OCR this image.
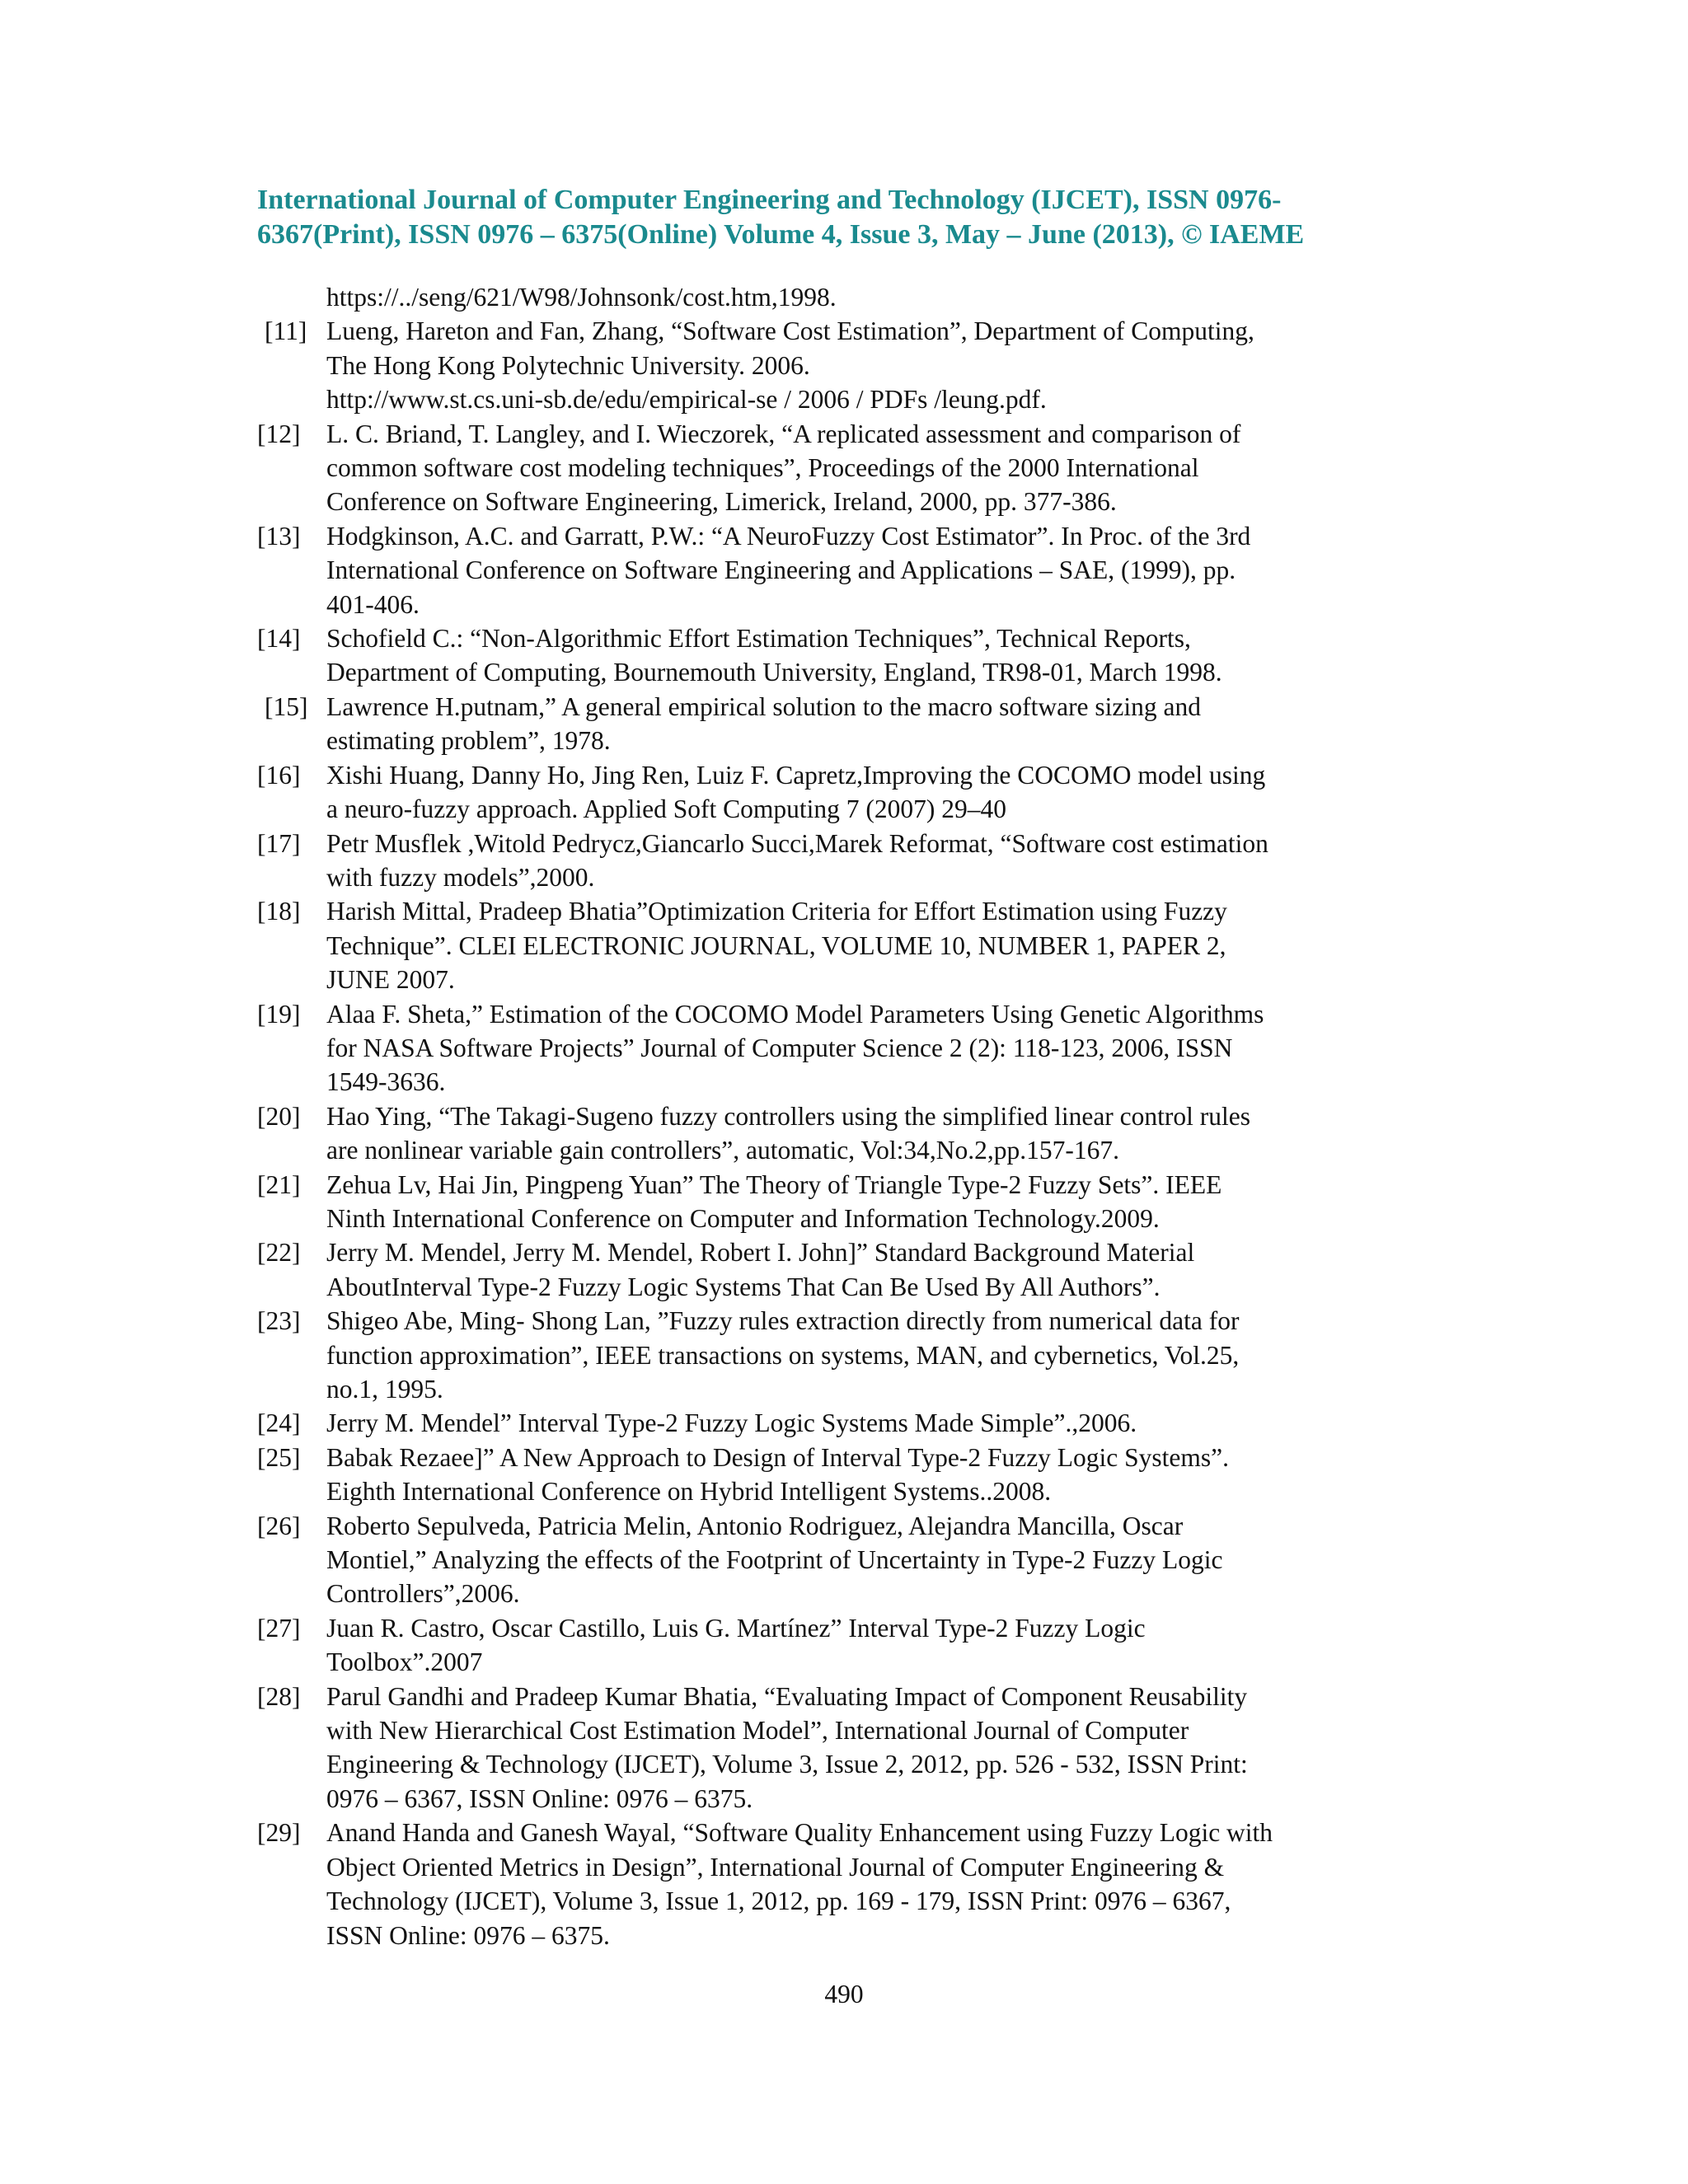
International Journal of Computer Engineering and Technology (IJCET), ISSN 0976-
6367(Print), ISSN 0976 – 6375(Online) Volume 4, Issue 3, May – June (2013), © IAEME
https://../seng/621/W98/Johnsonk/cost.htm,1998.
[11] Lueng, Hareton and Fan, Zhang, “Software Cost Estimation”, Department of Computing,
The Hong Kong Polytechnic University. 2006.
http://www.st.cs.uni-sb.de/edu/empirical-se / 2006 / PDFs /leung.pdf.
[12]	L. C. Briand, T. Langley, and I. Wieczorek, “A replicated assessment and comparison of
common software cost modeling techniques”, Proceedings of the 2000 International
Conference on Software Engineering, Limerick, Ireland, 2000, pp. 377-386.
[13]	Hodgkinson, A.C. and Garratt, P.W.: “A NeuroFuzzy Cost Estimator”. In Proc. of the 3rd
International Conference on Software Engineering and Applications – SAE, (1999), pp.
401-406.
[14]	Schofield C.: “Non-Algorithmic Effort Estimation Techniques”, Technical Reports,
Department of Computing, Bournemouth University, England, TR98-01, March 1998.
[15] Lawrence H.putnam,” A general empirical solution to the macro software sizing and
estimating problem”, 1978.
[16]	Xishi Huang, Danny Ho, Jing Ren, Luiz F. Capretz,Improving the COCOMO model using
a neuro-fuzzy approach. Applied Soft Computing 7 (2007) 29–40
[17]	Petr Musflek ,Witold Pedrycz,Giancarlo Succi,Marek Reformat, “Software cost estimation
with fuzzy models”,2000.
[18]	Harish Mittal, Pradeep Bhatia”Optimization Criteria for Effort Estimation using Fuzzy
Technique”. CLEI ELECTRONIC JOURNAL, VOLUME 10, NUMBER 1, PAPER 2,
JUNE 2007.
[19]	Alaa F. Sheta,” Estimation of the COCOMO Model Parameters Using Genetic Algorithms
for NASA Software Projects” Journal of Computer Science 2 (2): 118-123, 2006, ISSN
1549-3636.
[20]	Hao Ying, “The Takagi-Sugeno fuzzy controllers using the simplified linear control rules
are nonlinear variable gain controllers”, automatic, Vol:34,No.2,pp.157-167.
[21]	Zehua Lv, Hai Jin, Pingpeng Yuan” The Theory of Triangle Type-2 Fuzzy Sets”. IEEE
Ninth International Conference on Computer and Information Technology.2009.
[22]	Jerry M. Mendel, Jerry M. Mendel, Robert I. John]” Standard Background Material
AboutInterval Type-2 Fuzzy Logic Systems That Can Be Used By All Authors”.
[23]	Shigeo Abe, Ming- Shong Lan, ”Fuzzy rules extraction directly from numerical data for
function approximation”, IEEE transactions on systems, MAN, and cybernetics, Vol.25,
no.1, 1995.
[24]	Jerry M. Mendel” Interval Type-2 Fuzzy Logic Systems Made Simple”.,2006.
[25]	Babak Rezaee]” A New Approach to Design of Interval Type-2 Fuzzy Logic Systems”.
Eighth International Conference on Hybrid Intelligent Systems..2008.
[26]	Roberto Sepulveda, Patricia Melin, Antonio Rodriguez, Alejandra Mancilla, Oscar
Montiel,” Analyzing the effects of the Footprint of Uncertainty in Type-2 Fuzzy Logic
Controllers”,2006.
[27]	Juan R. Castro, Oscar Castillo, Luis G. Martínez” Interval Type-2 Fuzzy Logic
Toolbox”.2007
[28]	Parul Gandhi and Pradeep Kumar Bhatia, “Evaluating Impact of Component Reusability
with New Hierarchical Cost Estimation Model”, International Journal of Computer
Engineering & Technology (IJCET), Volume 3, Issue 2, 2012, pp. 526 - 532, ISSN Print:
0976 – 6367, ISSN Online: 0976 – 6375.
[29]	Anand Handa and Ganesh Wayal, “Software Quality Enhancement using Fuzzy Logic with
Object Oriented Metrics in Design”, International Journal of Computer Engineering &
Technology (IJCET), Volume 3, Issue 1, 2012, pp. 169 - 179, ISSN Print: 0976 – 6367,
ISSN Online: 0976 – 6375.
490
